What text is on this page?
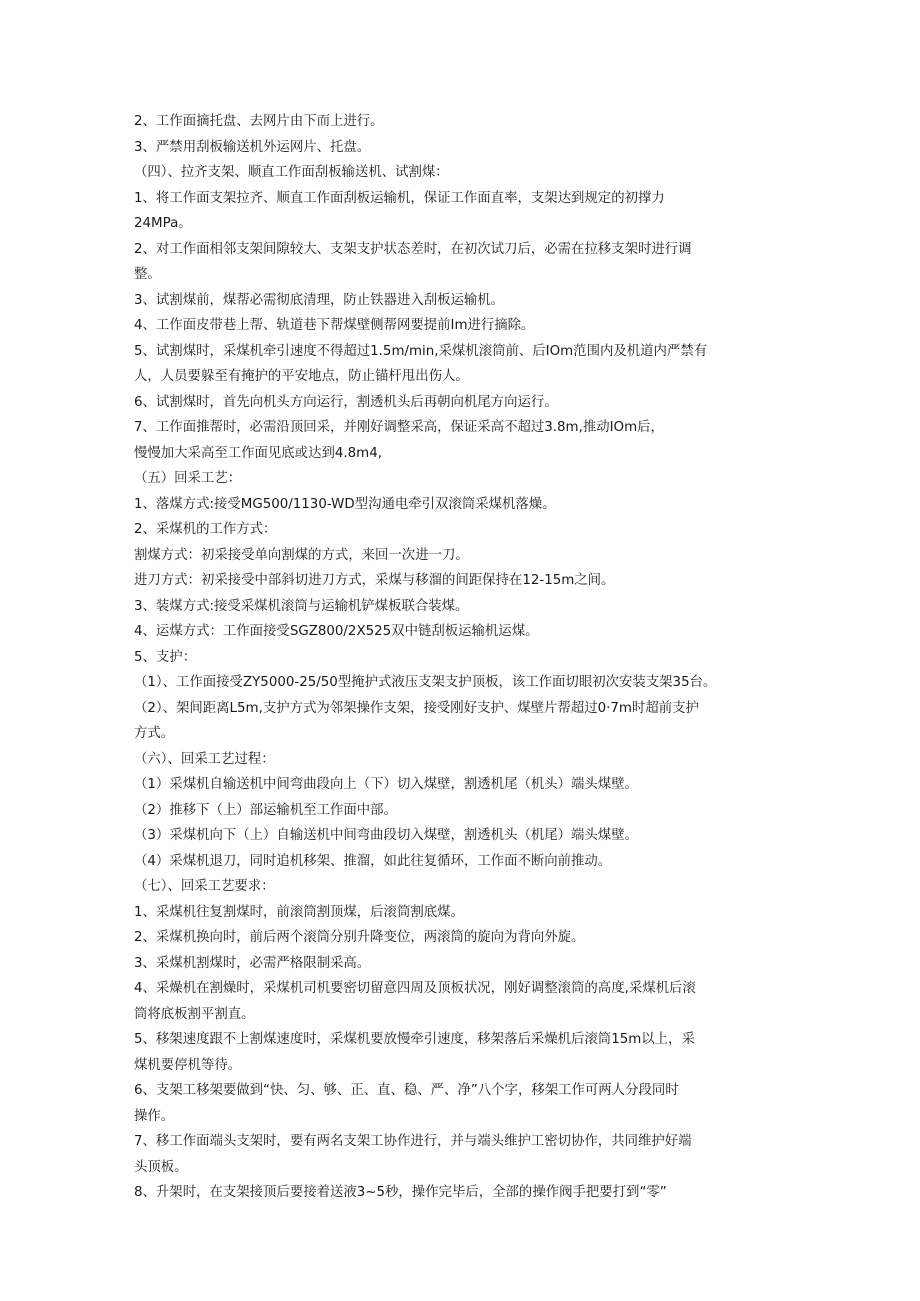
2、工作面摘托盘、去网片由下而上进行。
3、严禁用刮板输送机外运网片、托盘。
（四）、拉齐支架、顺直工作面刮板输送机、试割煤：
1、将工作面支架拉齐、顺直工作面刮板运输机，保证工作面直率，支架达到规定的初撑力
24MPa。
2、对工作面相邻支架间隙较大、支架支护状态差时，在初次试刀后，必需在拉移支架时进行调
整。
3、试割煤前，煤帮必需彻底清理，防止铁器进入刮板运输机。
4、工作面皮带巷上帮、轨道巷下帮煤壁侧帮网要提前Im进行摘除。
5、试割煤时，采煤机牵引速度不得超过1.5m/min,采煤机滚筒前、后IOm范围内及机道内严禁有
人，人员要躲至有掩护的平安地点，防止锚杆甩出伤人。
6、试割煤时，首先向机头方向运行，割透机头后再朝向机尾方向运行。
7、工作面推帮时，必需沿顶回采，并刚好调整采高，保证采高不超过3.8m,推动IOm后，
慢慢加大采高至工作面见底或达到4.8m4,
（五）回采工艺：
1、落煤方式:接受MG500/1130-WD型沟通电牵引双滚筒采煤机落燥。
2、采煤机的工作方式：
割煤方式：初采接受单向割煤的方式，来回一次进一刀。
进刀方式：初采接受中部斜切进刀方式，采煤与移溜的间距保持在12-15m之间。
3、装煤方式:接受采煤机滚筒与运输机铲煤板联合装煤。
4、运煤方式：工作面接受SGZ800/2X525双中链刮板运输机运煤。
5、支护：
（1）、工作面接受ZY5000-25/50型掩护式液压支架支护顶板，该工作面切眼初次安装支架35台。
（2）、架间距离L5m,支护方式为邻架操作支架，接受刚好支护、煤壁片帮超过0·7m时超前支护
方式。
（六）、回采工艺过程：
（1）采煤机自输送机中间弯曲段向上（下）切入煤壁，割透机尾（机头）端头煤壁。
（2）推移下（上）部运输机至工作面中部。
（3）采煤机向下（上）自输送机中间弯曲段切入煤壁，割透机头（机尾）端头煤壁。
（4）采煤机退刀，同时追机移架、推溜，如此往复循环，工作面不断向前推动。
（七）、回采工艺要求：
1、采煤机往复割煤时，前滚筒割顶煤，后滚筒割底煤。
2、采煤机换向时，前后两个滚筒分别升降变位，两滚筒的旋向为背向外旋。
3、采煤机割煤时，必需严格限制采高。
4、采燥机在割燥时，采煤机司机要密切留意四周及顶板状况，刚好调整滚筒的高度,采煤机后滚
筒将底板割平割直。
5、移架速度跟不上割煤速度时，采煤机要放慢牵引速度，移架落后采燥机后滚筒15m以上，采
煤机要停机等待。
6、支架工移架要做到“快、匀、够、正、直、稳、严、净”八个字，移架工作可两人分段同时
操作。
7、移工作面端头支架时，要有两名支架工协作进行，并与端头维护工密切协作，共同维护好端
头顶板。
8、升架时，在支架接顶后要接着送液3~5秒，操作完毕后，全部的操作阀手把要打到“零”
